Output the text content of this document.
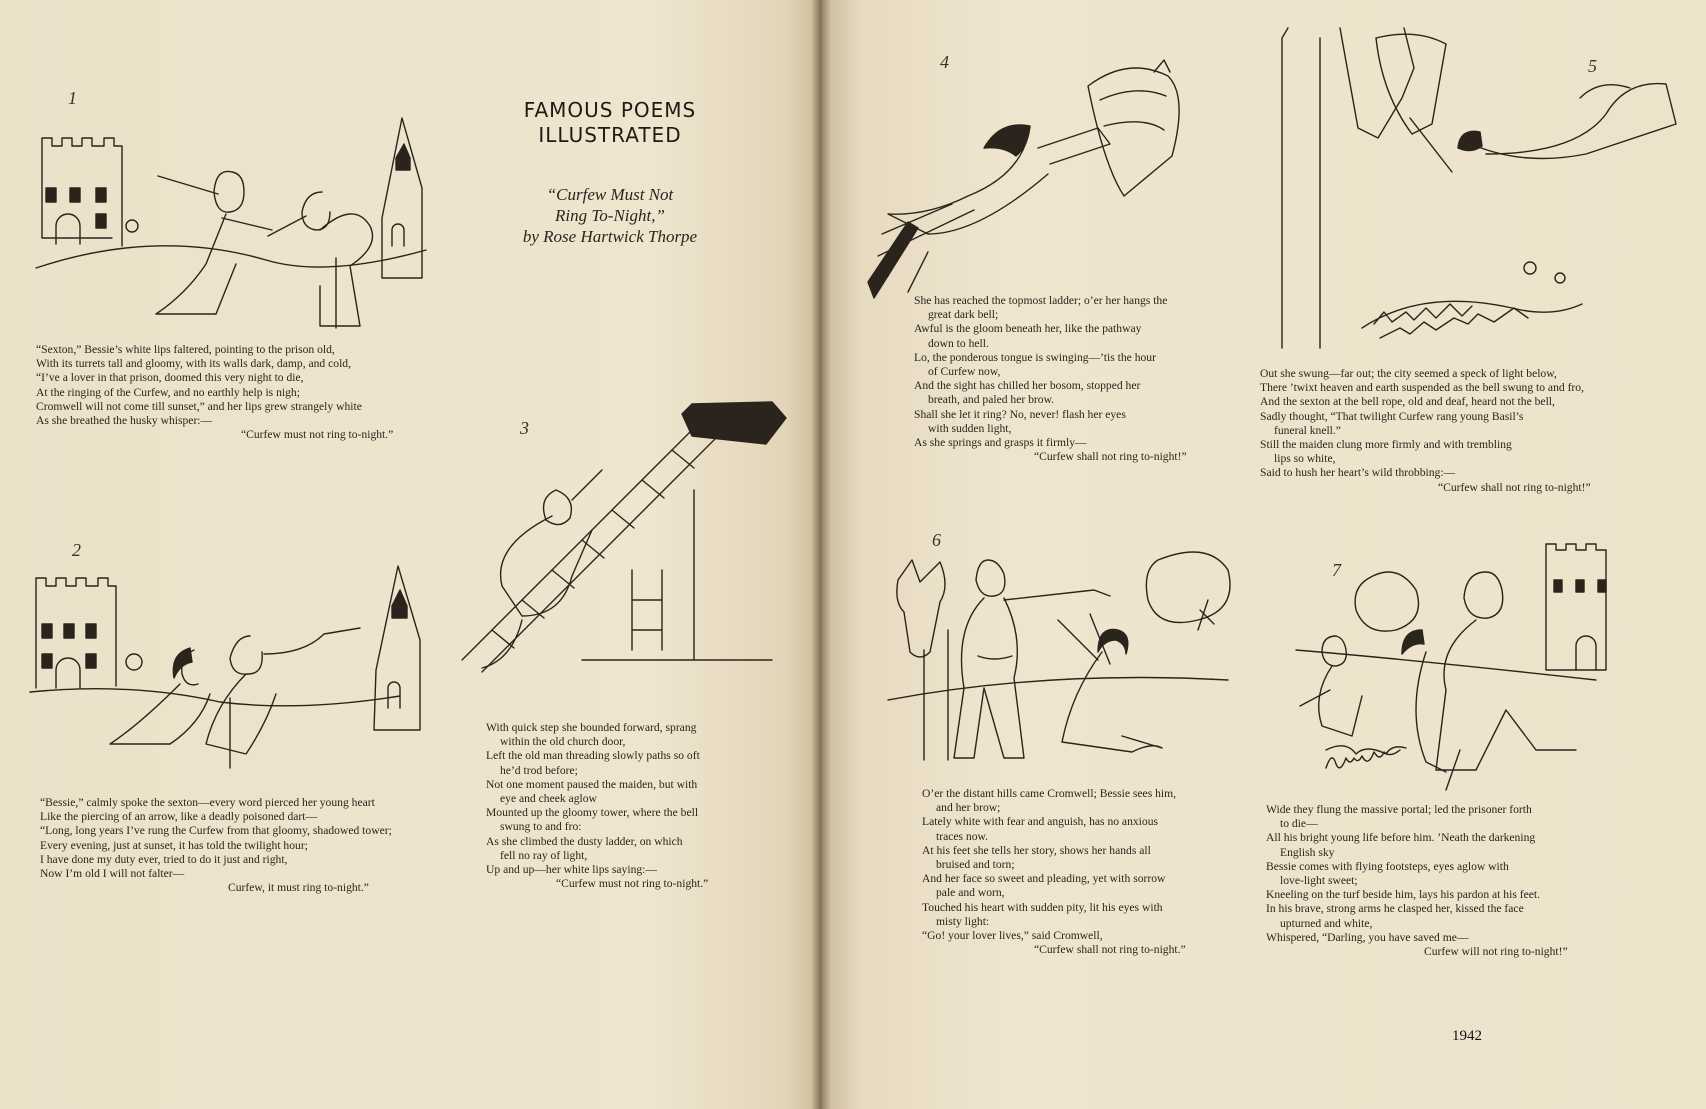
FAMOUS POEMS
ILLUSTRATED
“Curfew Must Not
Ring To-Night,”
by Rose Hartwick Thorpe
1
2
3
4	5
6
7
“Sexton,” Bessie’s white lips faltered, pointing to the prison old,
With its turrets tall and gloomy, with its walls dark, damp, and cold,
“I’ve a lover in that prison, doomed this very night to die,
At the ringing of the Curfew, and no earthly help is nigh;
Cromwell will not come till sunset,” and her lips grew strangely white
As she breathed the husky whisper:—
“Curfew must not ring to-night.”
“Bessie,” calmly spoke the sexton—every word pierced her young heart
Like the piercing of an arrow, like a deadly poisoned dart—
“Long, long years I’ve rung the Curfew from that gloomy, shadowed tower;
Every evening, just at sunset, it has told the twilight hour;
I have done my duty ever, tried to do it just and right,
Now I’m old I will not falter—
Curfew, it must ring to-night.”
With quick step she bounded forward, sprang
within the old church door,
Left the old man threading slowly paths so oft
he’d trod before;
Not one moment paused the maiden, but with
eye and cheek aglow
Mounted up the gloomy tower, where the bell
swung to and fro:
As she climbed the dusty ladder, on which
fell no ray of light,
Up and up—her white lips saying:—
“Curfew must not ring to-night.”
She has reached the topmost ladder; o’er her hangs the
great dark bell;
Awful is the gloom beneath her, like the pathway
down to hell.
Lo, the ponderous tongue is swinging—’tis the hour
of Curfew now,
And the sight has chilled her bosom, stopped her
breath, and paled her brow.
Shall she let it ring? No, never! flash her eyes
with sudden light,
As she springs and grasps it firmly—
“Curfew shall not ring to-night!”
Out she swung—far out; the city seemed a speck of light below,
There ’twixt heaven and earth suspended as the bell swung to and fro,
And the sexton at the bell rope, old and deaf, heard not the bell,
Sadly thought, “That twilight Curfew rang young Basil’s
funeral knell.”
Still the maiden clung more firmly and with trembling
lips so white,
Said to hush her heart’s wild throbbing:—
“Curfew shall not ring to-night!”
O’er the distant hills came Cromwell; Bessie sees him,
and her brow;
Lately white with fear and anguish, has no anxious
traces now.
At his feet she tells her story, shows her hands all
bruised and torn;
And her face so sweet and pleading, yet with sorrow
pale and worn,
Touched his heart with sudden pity, lit his eyes with
misty light:
“Go! your lover lives,” said Cromwell,
“Curfew shall not ring to-night.”
Wide they flung the massive portal; led the prisoner forth
to die—
All his bright young life before him. ’Neath the darkening
English sky
Bessie comes with flying footsteps, eyes aglow with
love-light sweet;
Kneeling on the turf beside him, lays his pardon at his feet.
In his brave, strong arms he clasped her, kissed the face
upturned and white,
Whispered, “Darling, you have saved me—
Curfew will not ring to-night!”
1942
